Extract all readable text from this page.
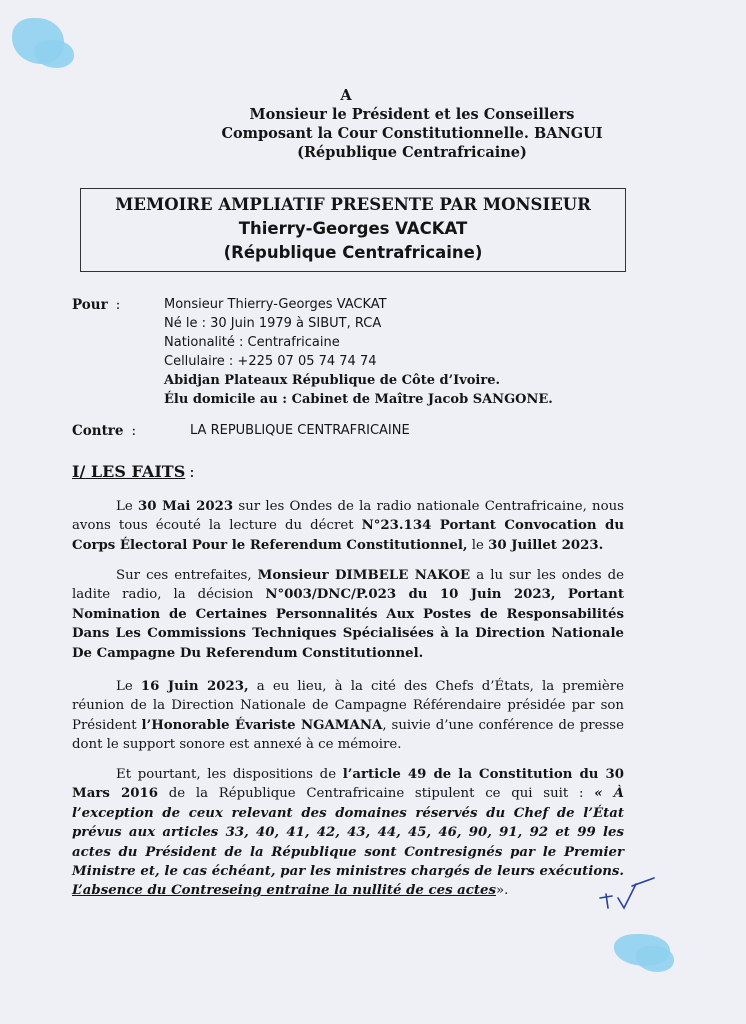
A
Monsieur le Président et les Conseillers
Composant la Cour Constitutionnelle. BANGUI
(République Centrafricaine)
MEMOIRE AMPLIATIF PRESENTE PAR MONSIEUR
Thierry-Georges VACKAT
(République Centrafricaine)
Pour :	Monsieur Thierry-Georges VACKAT
Né le : 30 Juin 1979 à SIBUT, RCA
Nationalité : Centrafricaine
Cellulaire : +225 07 05 74 74 74
Abidjan Plateaux République de Côte d’Ivoire.
Élu domicile au : Cabinet de Maître Jacob SANGONE.
Contre :	LA REPUBLIQUE CENTRAFRICAINE
I/ LES FAITS :
Le 30 Mai 2023 sur les Ondes de la radio nationale Centrafricaine, nous avons tous écouté la lecture du décret N°23.134 Portant Convocation du Corps Électoral Pour le Referendum Constitutionnel, le 30 Juillet 2023.
Sur ces entrefaites, Monsieur DIMBELE NAKOE a lu sur les ondes de ladite radio, la décision N°003/DNC/P.023 du 10 Juin 2023, Portant Nomination de Certaines Personnalités Aux Postes de Responsabilités Dans Les Commissions Techniques Spécialisées à la Direction Nationale De Campagne Du Referendum Constitutionnel.
Le 16 Juin 2023, a eu lieu, à la cité des Chefs d’États, la première réunion de la Direction Nationale de Campagne Référendaire présidée par son Président l’Honorable Évariste NGAMANA, suivie d’une conférence de presse dont le support sonore est annexé à ce mémoire.
Et pourtant, les dispositions de l’article 49 de la Constitution du 30 Mars 2016 de la République Centrafricaine stipulent ce qui suit : « À l’exception de ceux relevant des domaines réservés du Chef de l’État prévus aux articles 33, 40, 41, 42, 43, 44, 45, 46, 90, 91, 92 et 99 les actes du Président de la République sont Contresignés par le Premier Ministre et, le cas échéant, par les ministres chargés de leurs exécutions. L’absence du Contreseing entraine la nullité de ces actes».
